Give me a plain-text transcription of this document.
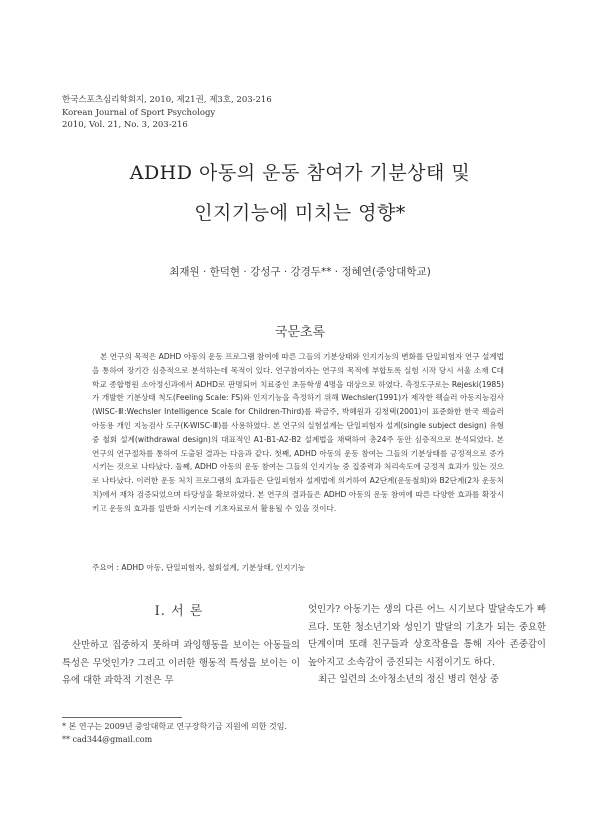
한국스포츠심리학회지, 2010, 제21권, 제3호, 203-216
Korean Journal of Sport Psychology
2010, Vol. 21, No. 3, 203-216
ADHD 아동의 운동 참여가 기분상태 및
인지기능에 미치는 영향*
최재원 · 한덕현 · 강성구 · 강경두** · 정혜연(중앙대학교)
국문초록

본 연구의 목적은 ADHD 아동의 운동 프로그램 참여에 따른 그들의 기분상태와 인지기능의 변화를 단일피험자 연구 설계법을 통하여 장기간 심층적으로 분석하는데 목적이 있다. 연구참여자는 연구의 목적에 부합토록 실험 시작 당시 서울 소재 C대학교 종합병원 소아정신과에서 ADHD로 판명되어 치료중인 초등학생 4명을 대상으로 하였다. 측정도구로는 Rejeski(1985)가 개발한 기분상태 척도(Feeling Scale: FS)와 인지기능을 측정하기 위해 Wechsler(1991)가 제작한 웩슬러 아동지능검사(WISC-Ⅲ:Wechsler Intelligence Scale for Children-Third)를 곽금주, 박혜원과 김청택(2001)이 표준화한 한국 웩슬러 아동용 개인 지능검사 도구(K-WISC-Ⅲ)를 사용하였다. 본 연구의 실험설계는 단일피험자 설계(single subject design) 유형 중 철회 설계(withdrawal design)의 대표적인 A1-B1-A2-B2 설계법을 채택하여 총24주 동안 심층적으로 분석되었다. 본 연구의 연구절차를 통하여 도출된 결과는 다음과 같다. 첫째, ADHD 아동의 운동 참여는 그들의 기분상태를 긍정적으로 증가시키는 것으로 나타났다. 둘째, ADHD 아동의 운동 참여는 그들의 인지기능 중 집중력과 처리속도에 긍정적 효과가 있는 것으로 나타났다. 이러한 운동 처치 프로그램의 효과들은 단일피험자 설계법에 의거하여 A2단계(운동철회)와 B2단계(2차 운동처치)에서 재차 검증되었으며 타당성을 확보하였다. 본 연구의 결과들은 ADHD 아동의 운동 참여에 따른 다양한 효과를 확장시키고 운동의 효과를 일반화 시키는데 기초자료로서 활용될 수 있을 것이다.

주요어 : ADHD 아동, 단일피험자, 철회설계, 기분상태, 인지기능
Ⅰ. 서 론

산만하고 집중하지 못하며 과잉행동을 보이는 아동들의 특성은 무엇인가? 그리고 이러한 행동적 특성을 보이는 이유에 대한 과학적 기전은 무

엇인가? 아동기는 생의 다른 어느 시기보다 발달속도가 빠르다. 또한 청소년기와 성인기 발달의 기초가 되는 중요한 단계이며 또래 친구들과 상호작용을 통해 자아 존중감이 높아지고 소속감이 증진되는 시점이기도 하다.
최근 일련의 소아청소년의 정신 병리 현상 중
* 본 연구는 2009년 중앙대학교 연구장학기금 지원에 의한 것임.
** cad344@gmail.com
